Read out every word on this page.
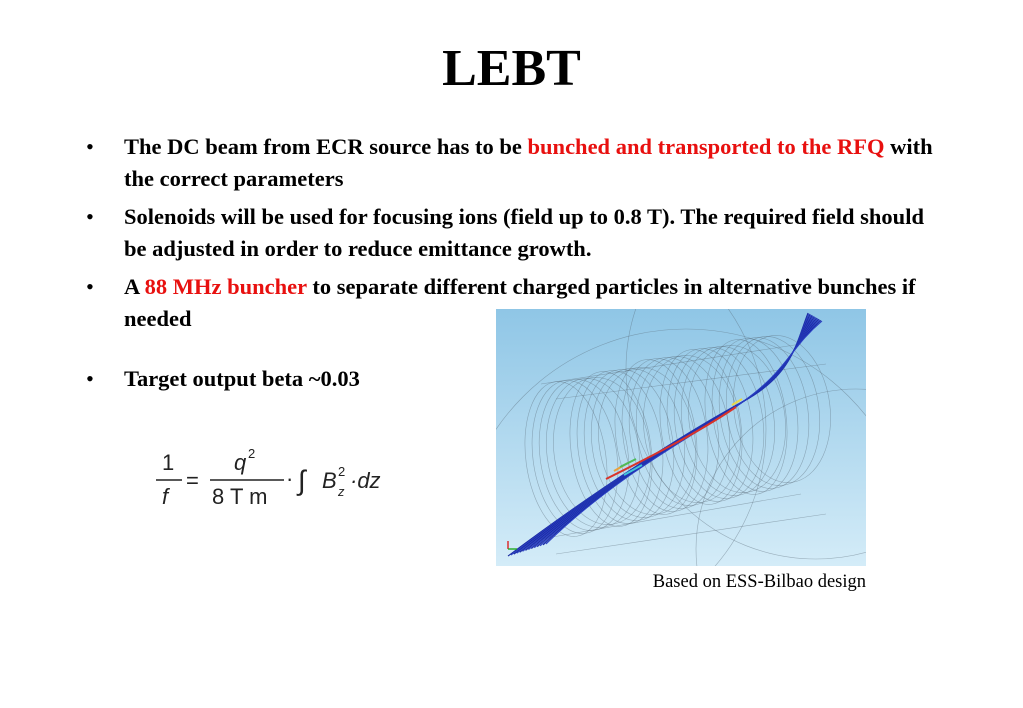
LEBT
• The DC beam from ECR source has to be bunched and transported to the RFQ with the correct parameters
• Solenoids will be used for focusing ions (field up to 0.8 T). The required field should be adjusted in order to reduce emittance growth.
• A 88 MHz buncher to separate different charged particles in alternative bunches if needed
• Target output beta ~0.03
1
f
=
q 2
8 T m
· ∫ B 2
z ·dz
Based on ESS-Bilbao design
